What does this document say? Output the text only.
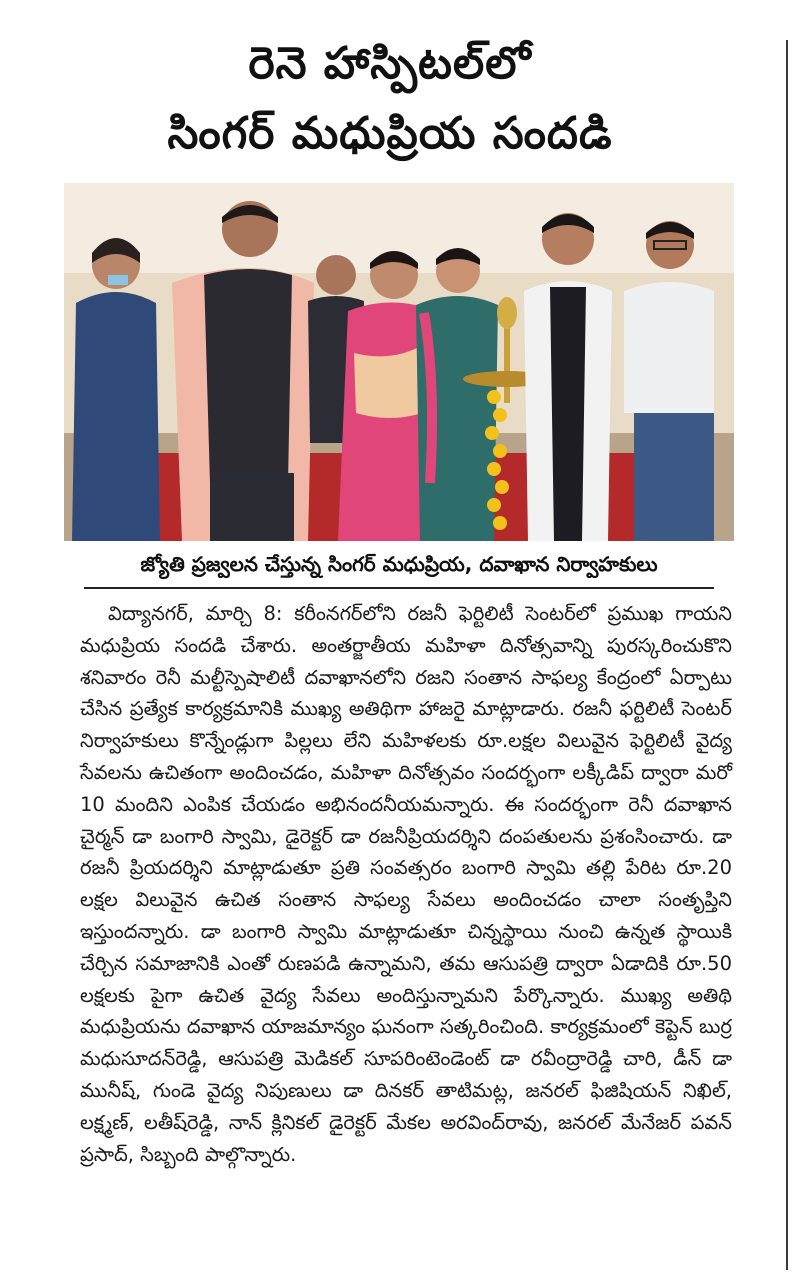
రెనె హాస్పిటల్‌లో
సింగర్ మధుప్రియ సందడి
జ్యోతి ప్రజ్వలన చేస్తున్న సింగర్ మధుప్రియ, దవాఖాన నిర్వాహకులు
విద్యానగర్, మార్చి 8: కరీంనగర్‌లోని రజనీ ఫెర్టిలిటీ సెంటర్‌లో ప్రముఖ గాయని మధుప్రియ సందడి చేశారు. అంతర్జాతీయ మహిళా దినోత్సవాన్ని పురస్కరించుకొని శనివారం రెనీ మల్టీస్పెషాలిటీ దవాఖానలోని రజని సంతాన సాఫల్య కేంద్రంలో ఏర్పాటు చేసిన ప్రత్యేక కార్యక్రమానికి ముఖ్య అతిథిగా హాజరై మాట్లాడారు. రజనీ ఫర్టిలిటీ సెంటర్ నిర్వాహకులు కొన్నేండ్లుగా పిల్లలు లేని మహిళలకు రూ.లక్షల విలువైన ఫెర్టిలిటీ వైద్య సేవలను ఉచితంగా అందించడం, మహిళా దినోత్సవం సందర్భంగా లక్కీడిప్ ద్వారా మరో 10 మందిని ఎంపిక చేయడం అభినందనీయమన్నారు. ఈ సందర్భంగా రెనీ దవాఖాన చైర్మన్ డా బంగారి స్వామి, డైరెక్టర్ డా రజనీప్రియదర్శిని దంపతులను ప్రశంసించారు. డా రజనీ ప్రియదర్శిని మాట్లాడుతూ ప్రతి సంవత్సరం బంగారి స్వామి తల్లి పేరిట రూ.20 లక్షల విలువైన ఉచిత సంతాన సాఫల్య సేవలు అందించడం చాలా సంతృప్తిని ఇస్తుందన్నారు. డా బంగారి స్వామి మాట్లాడుతూ చిన్నస్థాయి నుంచి ఉన్నత స్థాయికి చేర్చిన సమాజానికి ఎంతో రుణపడి ఉన్నామని, తమ ఆసుపత్రి ద్వారా ఏడాదికి రూ.50 లక్షలకు పైగా ఉచిత వైద్య సేవలు అందిస్తున్నామని పేర్కొన్నారు. ముఖ్య అతిథి మధుప్రియను దవాఖాన యాజమాన్యం ఘనంగా సత్కరించింది. కార్యక్రమంలో కెప్టెన్ బుర్ర మధుసూదన్‌రెడ్డి, ఆసుపత్రి మెడికల్ సూపరింటెండెంట్ డా రవీంద్రారెడ్డి చారి, డీన్ డా మునీష్, గుండె వైద్య నిపుణులు డా దినకర్ తాటిమట్ల, జనరల్ ఫిజిషియన్ నిఖిల్, లక్ష్మణ్, లతీష్‌రెడ్డి, నాన్ క్లినికల్ డైరెక్టర్ మేకల అరవింద్‌రావు, జనరల్ మేనేజర్ పవన్ ప్రసాద్, సిబ్బంది పాల్గొన్నారు.
